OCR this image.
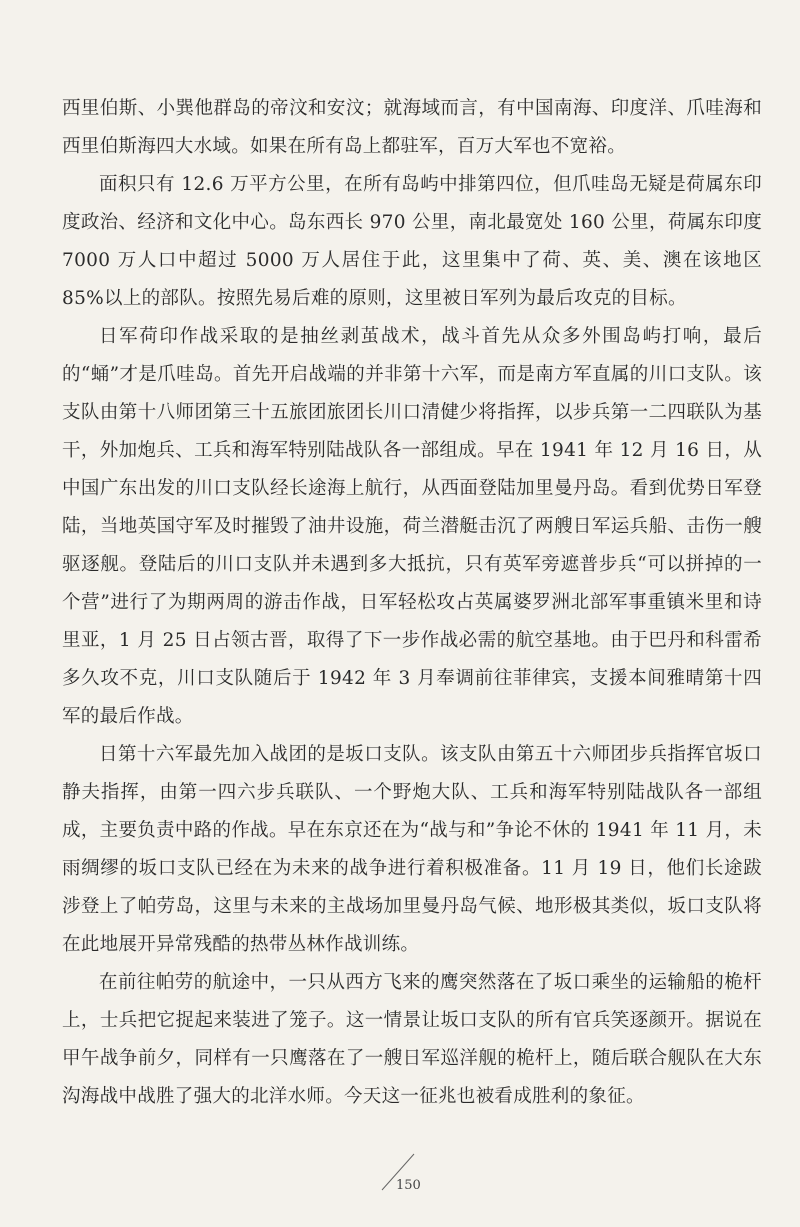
西里伯斯、小巽他群岛的帝汶和安汶；就海域而言，有中国南海、印度洋、爪哇海和西里伯斯海四大水域。如果在所有岛上都驻军，百万大军也不宽裕。

面积只有 12.6 万平方公里，在所有岛屿中排第四位，但爪哇岛无疑是荷属东印度政治、经济和文化中心。岛东西长 970 公里，南北最宽处 160 公里，荷属东印度 7000 万人口中超过 5000 万人居住于此，这里集中了荷、英、美、澳在该地区 85%以上的部队。按照先易后难的原则，这里被日军列为最后攻克的目标。

日军荷印作战采取的是抽丝剥茧战术，战斗首先从众多外围岛屿打响，最后的“蛹”才是爪哇岛。首先开启战端的并非第十六军，而是南方军直属的川口支队。该支队由第十八师团第三十五旅团旅团长川口清健少将指挥，以步兵第一二四联队为基干，外加炮兵、工兵和海军特别陆战队各一部组成。早在 1941 年 12 月 16 日，从中国广东出发的川口支队经长途海上航行，从西面登陆加里曼丹岛。看到优势日军登陆，当地英国守军及时摧毁了油井设施，荷兰潜艇击沉了两艘日军运兵船、击伤一艘驱逐舰。登陆后的川口支队并未遇到多大抵抗，只有英军旁遮普步兵“可以拼掉的一个营”进行了为期两周的游击作战，日军轻松攻占英属婆罗洲北部军事重镇米里和诗里亚，1 月 25 日占领古晋，取得了下一步作战必需的航空基地。由于巴丹和科雷希多久攻不克，川口支队随后于 1942 年 3 月奉调前往菲律宾，支援本间雅晴第十四军的最后作战。

日第十六军最先加入战团的是坂口支队。该支队由第五十六师团步兵指挥官坂口静夫指挥，由第一四六步兵联队、一个野炮大队、工兵和海军特别陆战队各一部组成，主要负责中路的作战。早在东京还在为“战与和”争论不休的 1941 年 11 月，未雨绸缪的坂口支队已经在为未来的战争进行着积极准备。11 月 19 日，他们长途跋涉登上了帕劳岛，这里与未来的主战场加里曼丹岛气候、地形极其类似，坂口支队将在此地展开异常残酷的热带丛林作战训练。

在前往帕劳的航途中，一只从西方飞来的鹰突然落在了坂口乘坐的运输船的桅杆上，士兵把它捉起来装进了笼子。这一情景让坂口支队的所有官兵笑逐颜开。据说在甲午战争前夕，同样有一只鹰落在了一艘日军巡洋舰的桅杆上，随后联合舰队在大东沟海战中战胜了强大的北洋水师。今天这一征兆也被看成胜利的象征。

150
